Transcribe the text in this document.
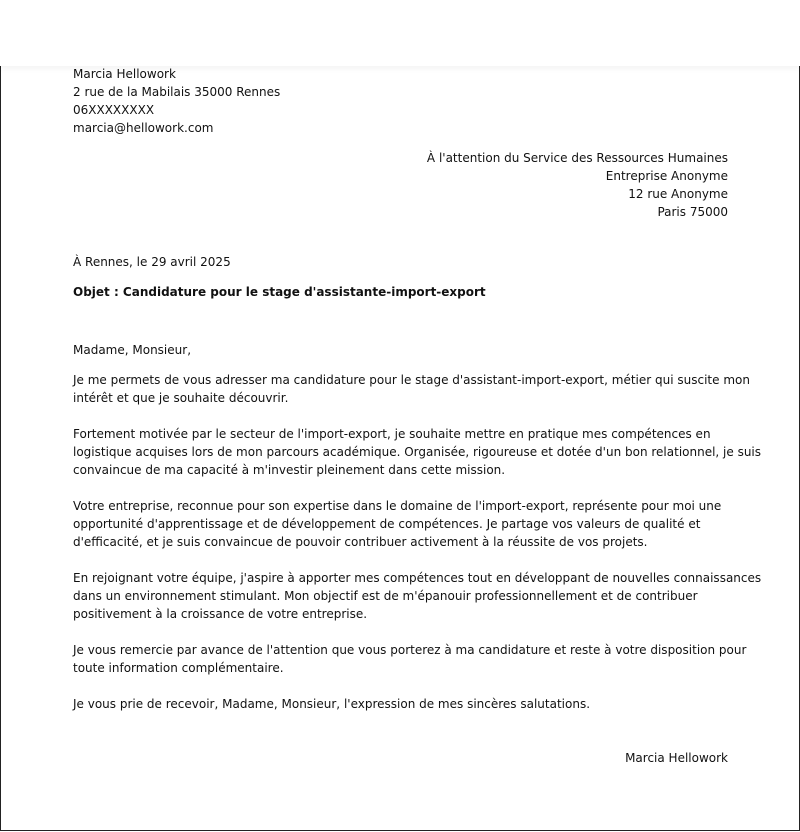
Marcia Hellowork
2 rue de la Mabilais 35000 Rennes
06XXXXXXXX
marcia@hellowork.com
À l'attention du Service des Ressources Humaines
Entreprise Anonyme
12 rue Anonyme
Paris 75000
À Rennes, le 29 avril 2025
Objet : Candidature pour le stage d'assistante-import-export
Madame, Monsieur,
Je me permets de vous adresser ma candidature pour le stage d'assistant-import-export, métier qui suscite mon
intérêt et que je souhaite découvrir.
Fortement motivée par le secteur de l'import-export, je souhaite mettre en pratique mes compétences en
logistique acquises lors de mon parcours académique. Organisée, rigoureuse et dotée d'un bon relationnel, je suis
convaincue de ma capacité à m'investir pleinement dans cette mission.
Votre entreprise, reconnue pour son expertise dans le domaine de l'import-export, représente pour moi une
opportunité d'apprentissage et de développement de compétences. Je partage vos valeurs de qualité et
d'efficacité, et je suis convaincue de pouvoir contribuer activement à la réussite de vos projets.
En rejoignant votre équipe, j'aspire à apporter mes compétences tout en développant de nouvelles connaissances
dans un environnement stimulant. Mon objectif est de m'épanouir professionnellement et de contribuer
positivement à la croissance de votre entreprise.
Je vous remercie par avance de l'attention que vous porterez à ma candidature et reste à votre disposition pour
toute information complémentaire.
Je vous prie de recevoir, Madame, Monsieur, l'expression de mes sincères salutations.
Marcia Hellowork
